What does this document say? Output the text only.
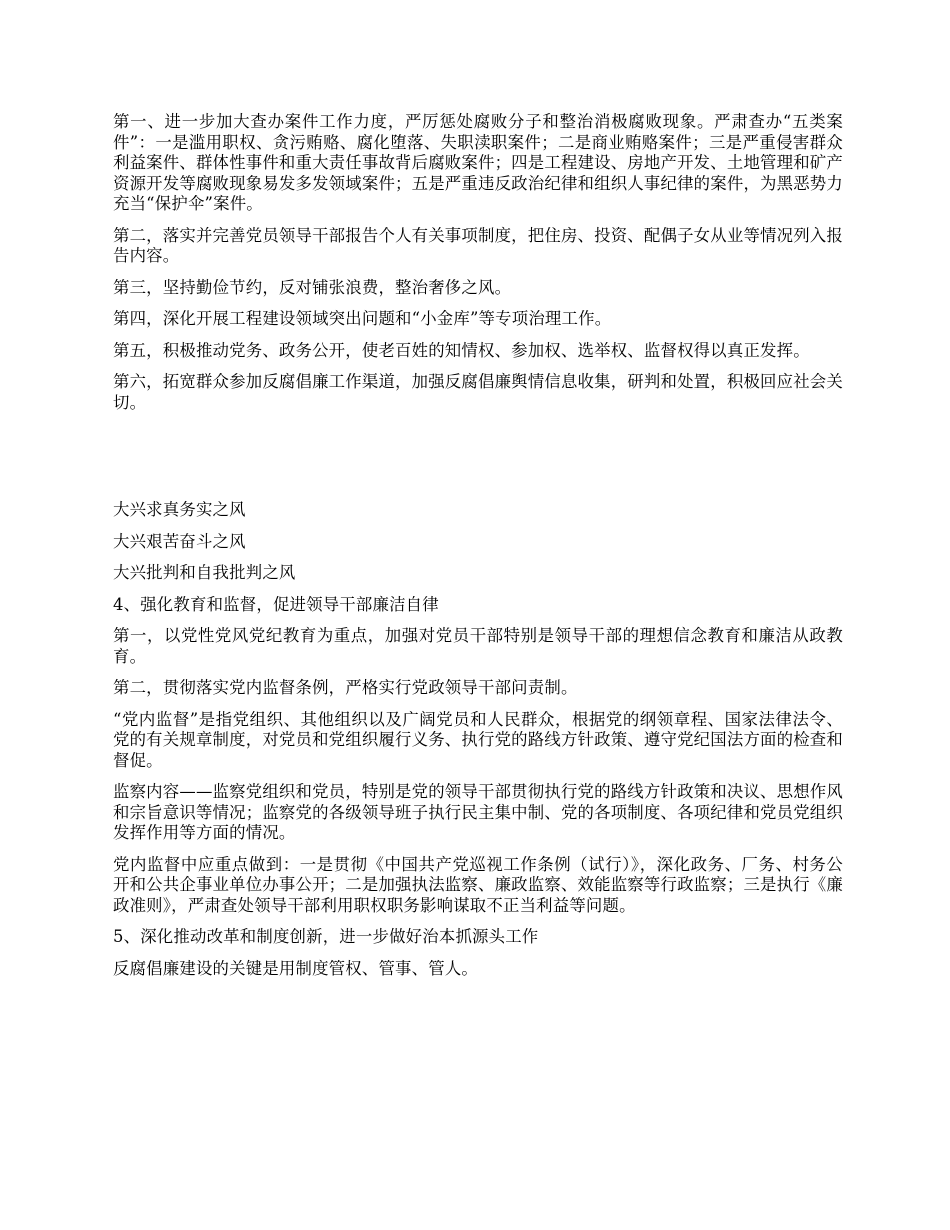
第一、进一步加大查办案件工作力度，严厉惩处腐败分子和整治消极腐败现象。严肃查办“五类案件”：一是滥用职权、贪污贿赂、腐化堕落、失职渎职案件；二是商业贿赂案件；三是严重侵害群众利益案件、群体性事件和重大责任事故背后腐败案件；四是工程建设、房地产开发、土地管理和矿产资源开发等腐败现象易发多发领域案件；五是严重违反政治纪律和组织人事纪律的案件，为黑恶势力充当“保护伞”案件。

第二，落实并完善党员领导干部报告个人有关事项制度，把住房、投资、配偶子女从业等情况列入报告内容。

第三，坚持勤俭节约，反对铺张浪费，整治奢侈之风。

第四，深化开展工程建设领域突出问题和“小金库”等专项治理工作。

第五，积极推动党务、政务公开，使老百姓的知情权、参加权、选举权、监督权得以真正发挥。

第六，拓宽群众参加反腐倡廉工作渠道，加强反腐倡廉舆情信息收集，研判和处置，积极回应社会关切。

大兴求真务实之风

大兴艰苦奋斗之风

大兴批判和自我批判之风

4、强化教育和监督，促进领导干部廉洁自律

第一，以党性党风党纪教育为重点，加强对党员干部特别是领导干部的理想信念教育和廉洁从政教育。

第二，贯彻落实党内监督条例，严格实行党政领导干部问责制。

“党内监督”是指党组织、其他组织以及广阔党员和人民群众，根据党的纲领章程、国家法律法令、党的有关规章制度，对党员和党组织履行义务、执行党的路线方针政策、遵守党纪国法方面的检查和督促。

监察内容——监察党组织和党员，特别是党的领导干部贯彻执行党的路线方针政策和决议、思想作风和宗旨意识等情况；监察党的各级领导班子执行民主集中制、党的各项制度、各项纪律和党员党组织发挥作用等方面的情况。

党内监督中应重点做到：一是贯彻《中国共产党巡视工作条例（试行）》，深化政务、厂务、村务公开和公共企事业单位办事公开；二是加强执法监察、廉政监察、效能监察等行政监察；三是执行《廉政准则》，严肃查处领导干部利用职权职务影响谋取不正当利益等问题。

5、深化推动改革和制度创新，进一步做好治本抓源头工作

反腐倡廉建设的关键是用制度管权、管事、管人。
